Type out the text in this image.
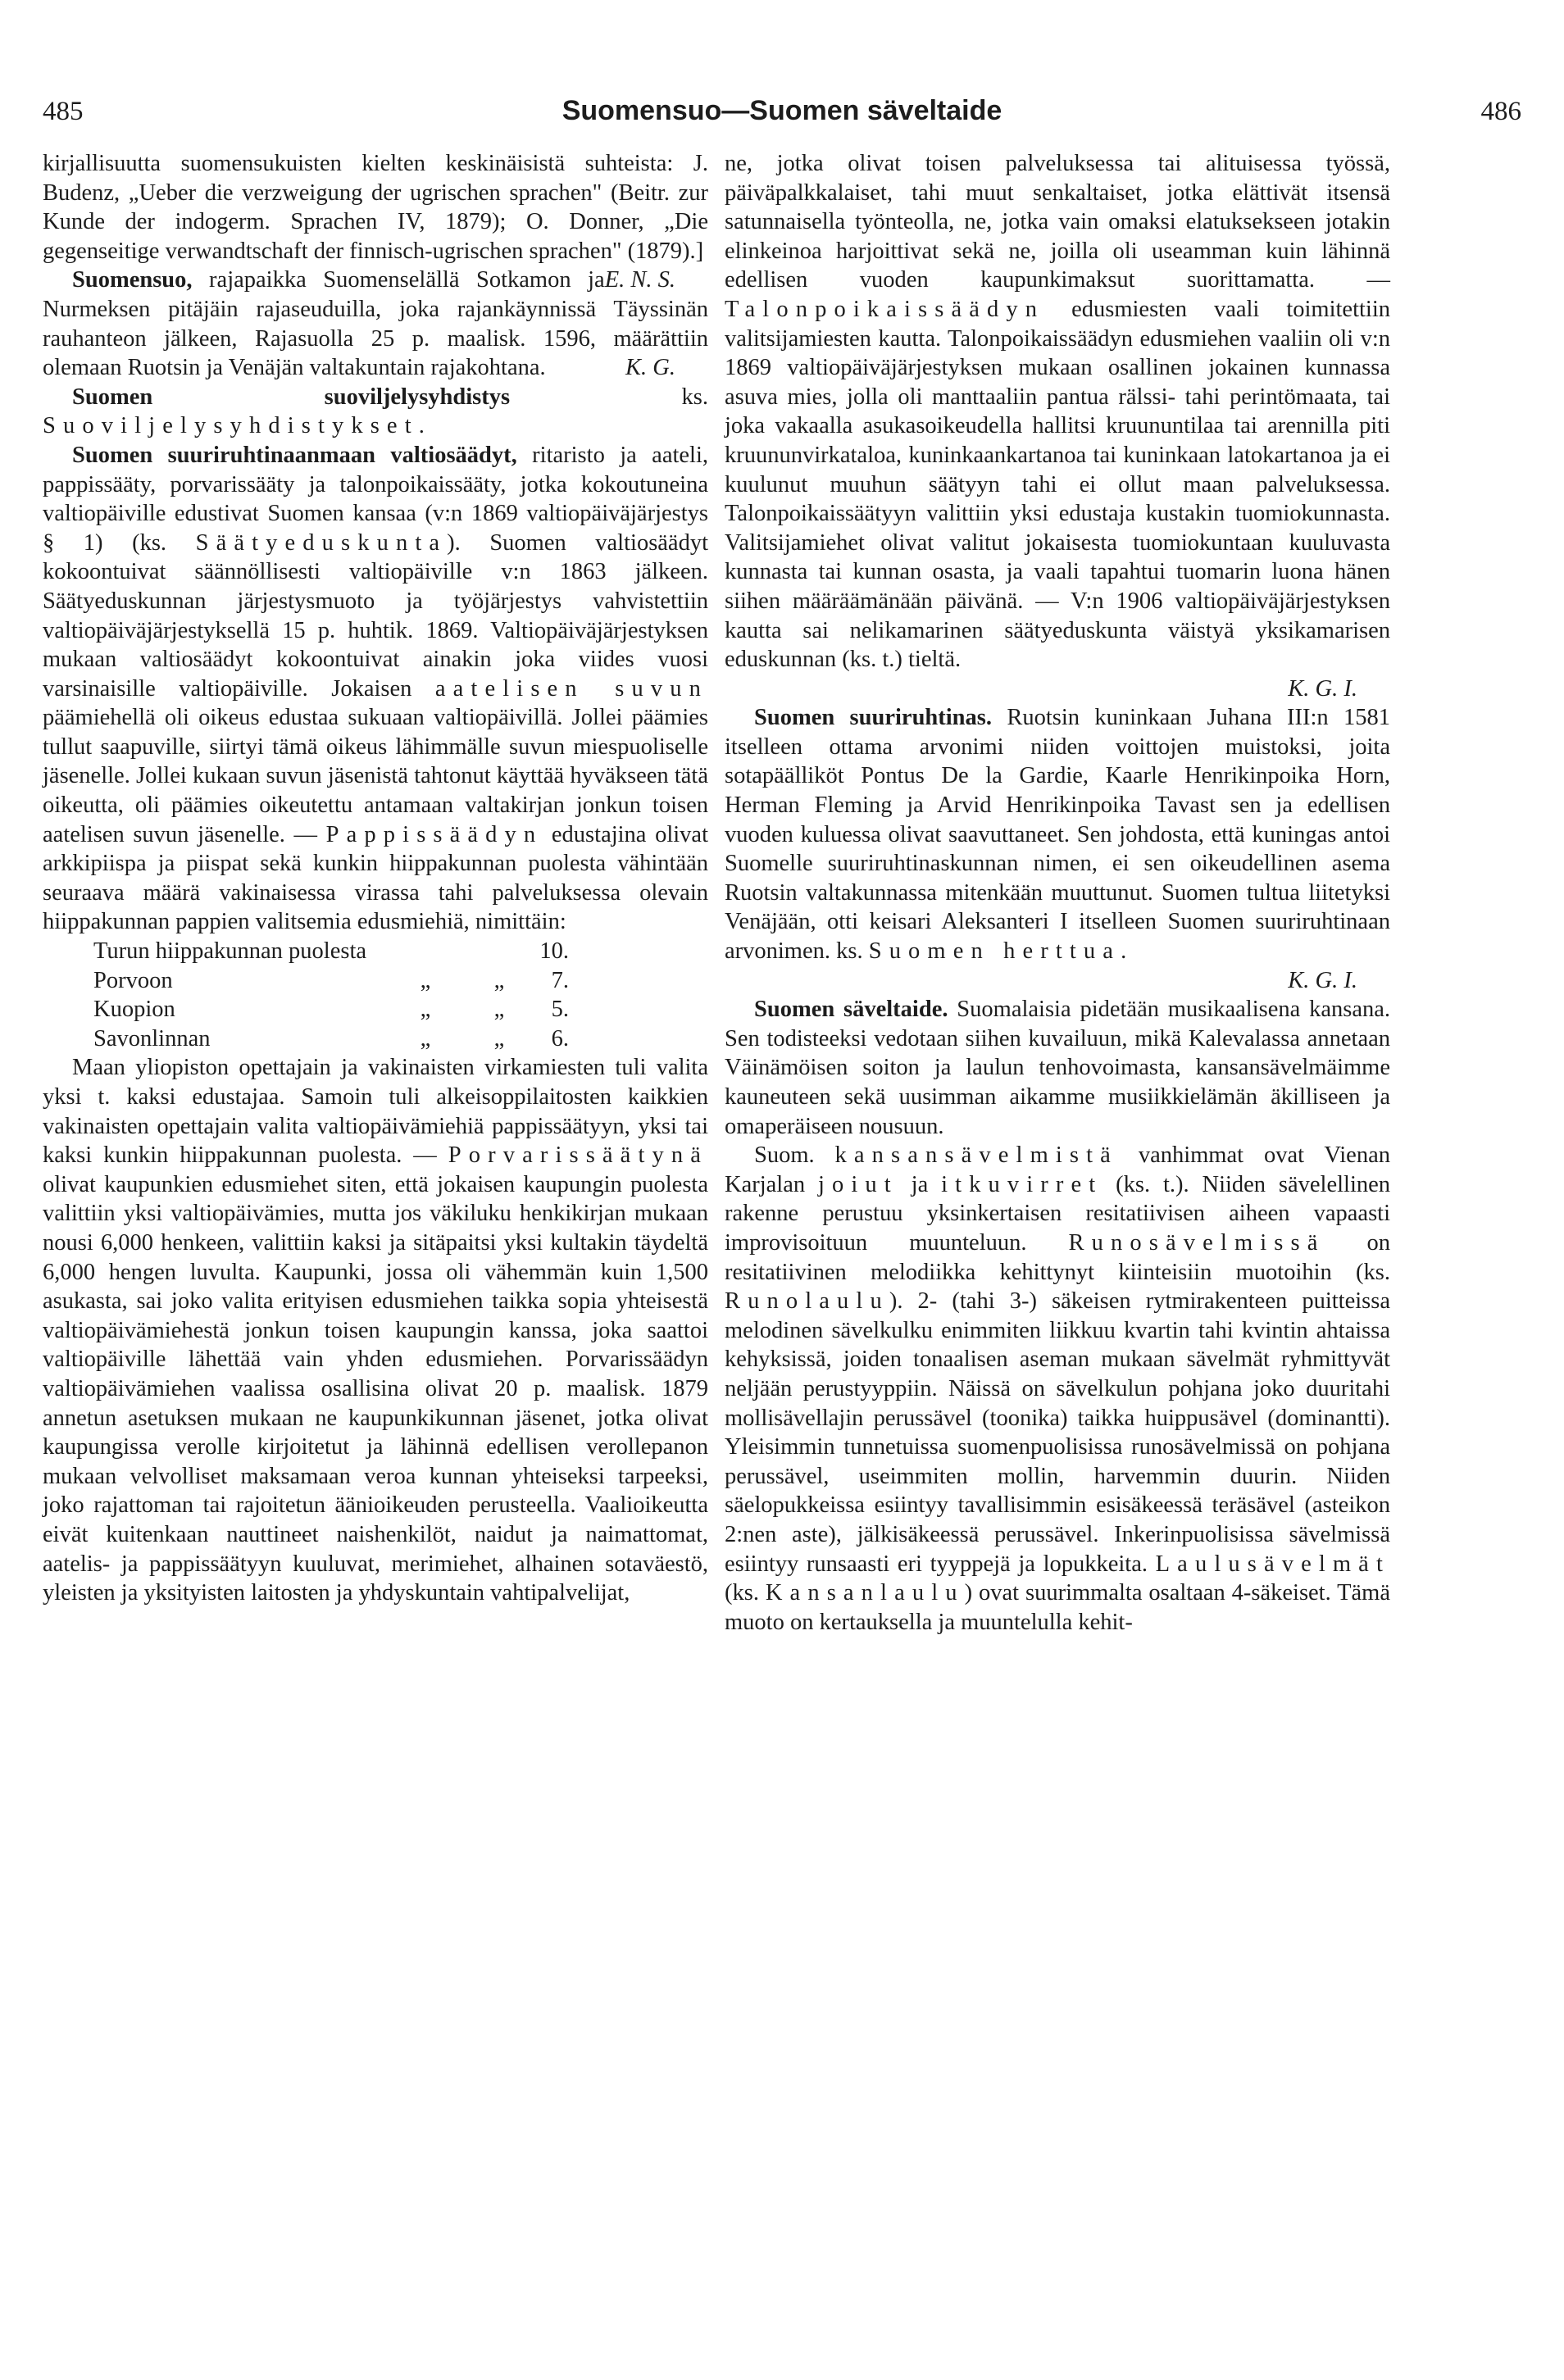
485	Suomensuo—Suomen säveltaide	486

kirjallisuutta suomensukuisten kielten keskinäisistä suhteista: J. Budenz, „Ueber die verzweigung der ugrischen sprachen" (Beitr. zur Kunde der indogerm. Sprachen IV, 1879); O. Donner, „Die gegenseitige verwandtschaft der finnisch-ugrischen sprachen" (1879).]
E. N. S.

Suomensuo, rajapaikka Suomenselällä Sotkamon ja Nurmeksen pitäjäin rajaseuduilla, joka rajankäynnissä Täyssinän rauhanteon jälkeen, Rajasuolla 25 p. maalisk. 1596, määrättiin olemaan Ruotsin ja Venäjän valtakuntain rajakohtana.	K. G.

Suomen suoviljelysyhdistys ks. Suoviljelysyhdistykset.

Suomen suuriruhtinaanmaan valtiosäädyt, ritaristo ja aateli, pappissääty, porvarissääty ja talonpoikaissääty, jotka kokoutuneina valtiopäiville edustivat Suomen kansaa (v:n 1869 valtiopäiväjärjestys § 1) (ks. Säätyeduskunta). Suomen valtiosäädyt kokoontuivat säännöllisesti valtiopäiville v:n 1863 jälkeen. Säätyeduskunnan järjestysmuoto ja työjärjestys vahvistettiin valtiopäiväjärjestyksellä 15 p. huhtik. 1869. Valtiopäiväjärjestyksen mukaan valtiosäädyt kokoontuivat ainakin joka viides vuosi varsinaisille valtiopäiville. Jokaisen aatelisen suvun päämiehellä oli oikeus edustaa sukuaan valtiopäivillä. Jollei päämies tullut saapuville, siirtyi tämä oikeus lähimmälle suvun miespuoliselle jäsenelle. Jollei kukaan suvun jäsenistä tahtonut käyttää hyväkseen tätä oikeutta, oli päämies oikeutettu antamaan valtakirjan jonkun toisen aatelisen suvun jäsenelle. — Pappissäädyn edustajina olivat arkkipiispa ja piispat sekä kunkin hiippakunnan puolesta vähintään seuraava määrä vakinaisessa virassa tahi palveluksessa olevain hiippakunnan pappien valitsemia edusmiehiä, nimittäin:

Turun hiippakunnan puolesta			10.
Porvoon	„	„	7.
Kuopion	„	„	5.
Savonlinnan	„	„	6.

Maan yliopiston opettajain ja vakinaisten virkamiesten tuli valita yksi t. kaksi edustajaa. Samoin tuli alkeisoppilaitosten kaikkien vakinaisten opettajain valita valtiopäivämiehiä pappissäätyyn, yksi tai kaksi kunkin hiippakunnan puolesta. — Porvarissäätynä olivat kaupunkien edusmiehet siten, että jokaisen kaupungin puolesta valittiin yksi valtiopäivämies, mutta jos väkiluku henkikirjan mukaan nousi 6,000 henkeen, valittiin kaksi ja sitäpaitsi yksi kultakin täydeltä 6,000 hengen luvulta. Kaupunki, jossa oli vähemmän kuin 1,500 asukasta, sai joko valita erityisen edusmiehen taikka sopia yhteisestä valtiopäivämiehestä jonkun toisen kaupungin kanssa, joka saattoi valtiopäiville lähettää vain yhden edusmiehen. Porvarissäädyn valtiopäivämiehen vaalissa osallisina olivat 20 p. maalisk. 1879 annetun asetuksen mukaan ne kaupunkikunnan jäsenet, jotka olivat kaupungissa verolle kirjoitetut ja lähinnä edellisen verollepanon mukaan velvolliset maksamaan veroa kunnan yhteiseksi tarpeeksi, joko rajattoman tai rajoitetun äänioikeuden perusteella. Vaalioikeutta eivät kuitenkaan nauttineet naishenkilöt, naidut ja naimattomat, aatelis- ja pappissäätyyn kuuluvat, merimiehet, alhainen sotaväestö, yleisten ja yksityisten laitosten ja yhdyskuntain vahtipalvelijat,

ne, jotka olivat toisen palveluksessa tai alituisessa työssä, päiväpalkkalaiset, tahi muut senkaltaiset, jotka elättivät itsensä satunnaisella työnteolla, ne, jotka vain omaksi elatuksekseen jotakin elinkeinoa harjoittivat sekä ne, joilla oli useamman kuin lähinnä edellisen vuoden kaupunkimaksut suorittamatta. — Talonpoikaissäädyn edusmiesten vaali toimitettiin valitsijamiesten kautta. Talonpoikaissäädyn edusmiehen vaaliin oli v:n 1869 valtiopäiväjärjestyksen mukaan osallinen jokainen kunnassa asuva mies, jolla oli manttaaliin pantua rälssi- tahi perintömaata, tai joka vakaalla asukasoikeudella hallitsi kruununtilaa tai arennilla piti kruununvirkataloa, kuninkaankartanoa tai kuninkaan latokartanoa ja ei kuulunut muuhun säätyyn tahi ei ollut maan palveluksessa. Talonpoikaissäätyyn valittiin yksi edustaja kustakin tuomiokunnasta. Valitsijamiehet olivat valitut jokaisesta tuomiokuntaan kuuluvasta kunnasta tai kunnan osasta, ja vaali tapahtui tuomarin luona hänen siihen määräämänään päivänä. — V:n 1906 valtiopäiväjärjestyksen kautta sai nelikamarinen säätyeduskunta väistyä yksikamarisen eduskunnan (ks. t.) tieltä.

K. G. I.

Suomen suuriruhtinas. Ruotsin kuninkaan Juhana III:n 1581 itselleen ottama arvonimi niiden voittojen muistoksi, joita sotapäälliköt Pontus De la Gardie, Kaarle Henrikinpoika Horn, Herman Fleming ja Arvid Henrikinpoika Tavast sen ja edellisen vuoden kuluessa olivat saavuttaneet. Sen johdosta, että kuningas antoi Suomelle suuriruhtinaskunnan nimen, ei sen oikeudellinen asema Ruotsin valtakunnassa mitenkään muuttunut. Suomen tultua liitetyksi Venäjään, otti keisari Aleksanteri I itselleen Suomen suuriruhtinaan arvonimen. ks. Suomen herttua.

K. G. I.

Suomen säveltaide. Suomalaisia pidetään musikaalisena kansana. Sen todisteeksi vedotaan siihen kuvailuun, mikä Kalevalassa annetaan Väinämöisen soiton ja laulun tenhovoimasta, kansansävelmäimme kauneuteen sekä uusimman aikamme musiikkielämän äkilliseen ja omaperäiseen nousuun.

Suom. kansansävelmistä vanhimmat ovat Vienan Karjalan joiut ja itkuvirret (ks. t.). Niiden sävelellinen rakenne perustuu yksinkertaisen resitatiivisen aiheen vapaasti improvisoituun muunteluun. Runosävelmissä on resitatiivinen melodiikka kehittynyt kiinteisiin muotoihin (ks. Runolaulu). 2- (tahi 3-) säkeisen rytmirakenteen puitteissa melodinen sävelkulku enimmiten liikkuu kvartin tahi kvintin ahtaissa kehyksissä, joiden tonaalisen aseman mukaan sävelmät ryhmittyvät neljään perustyyppiin. Näissä on sävelkulun pohjana joko duuritahi mollisävellajin perussävel (toonika) taikka huippusävel (dominantti). Yleisimmin tunnetuissa suomenpuolisissa runosävelmissä on pohjana perussävel, useimmiten mollin, harvemmin duurin. Niiden säelopukkeissa esiintyy tavallisimmin esisäkeessä teräsävel (asteikon 2:nen aste), jälkisäkeessä perussävel. Inkerinpuolisissa sävelmissä esiintyy runsaasti eri tyyppejä ja lopukkeita. Laulusävelmät (ks. Kansanlaulu) ovat suurimmalta osaltaan 4-säkeiset. Tämä muoto on kertauksella ja muuntelulla kehit-
